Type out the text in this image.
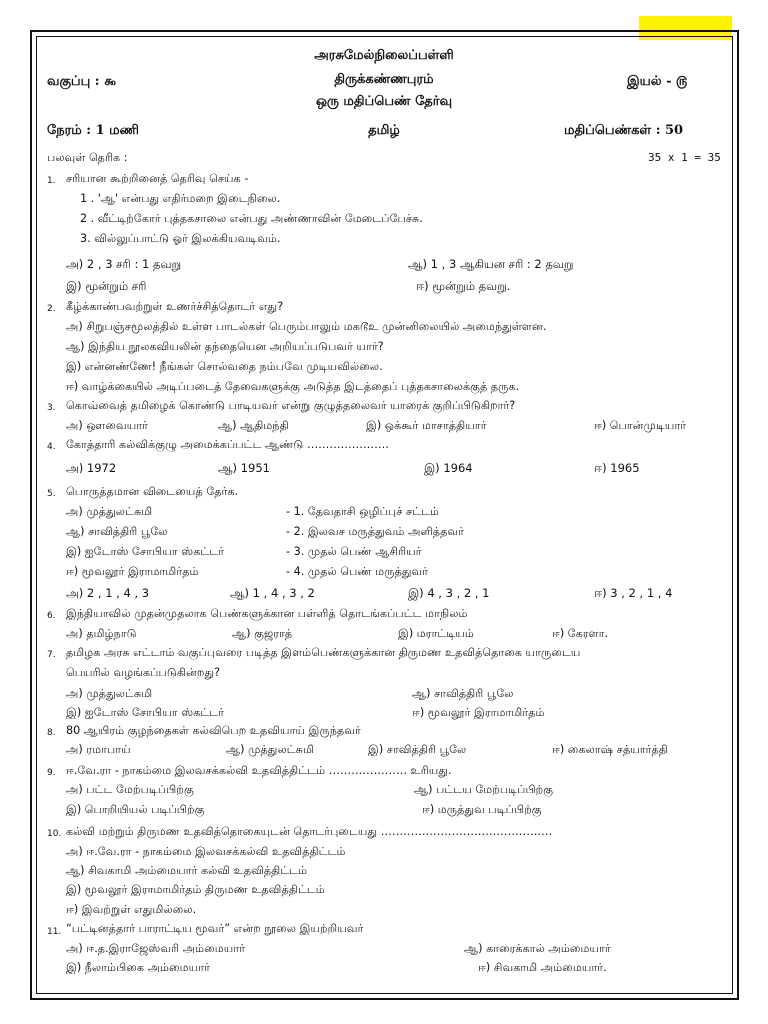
அரசுமேல்நிலைப்பள்ளி
வகுப்பு : ௯	திருக்கண்ணபுரம்	இயல் - ௫
ஒரு மதிப்பெண் தேர்வு
நேரம் : 1 மணி	தமிழ்	மதிப்பெண்கள் : 50
பலவுள் தெரிக :	35 x 1 = 35
1. சரியான கூற்றினைத் தெரிவு செய்க -
1 . 'ஆ' என்பது எதிர்மறை இடைநிலை.
2 . வீட்டிற்கோர் புத்தகசாலை என்பது அண்ணாவின் மேடைப்பேச்சு.
3. வில்லுப்பாட்டு ஓர் இலக்கியவடிவம்.
அ) 2 , 3 சரி : 1 தவறு	ஆ) 1 , 3 ஆகியன சரி : 2 தவறு
இ) மூன்றும் சரி	ஈ) மூன்றும் தவறு.
2. கீழ்க்காண்பவற்றுள் உணர்ச்சித்தொடர் எது?
அ) சிறுபஞ்சமூலத்தில் உள்ள பாடல்கள் பெரும்பாலும் மகடூஉ முன்னிலையில் அமைந்துள்ளன.
ஆ) இந்திய நூலகவியலின் தந்தையென அறியப்படுபவர் யார்?
இ) என்னண்ணே! நீங்கள் சொல்வதை நம்பவே முடியவில்லை.
ஈ) வாழ்க்கையில் அடிப்படைத் தேவைகளுக்கு அடுத்த இடத்தைப் புத்தகசாலைக்குத் தருக.
3. கொவ்வைத் தமிழைக் கொண்டு பாடியவர் என்று குழுத்தலைவர் யாரைக் குறிப்பிடுகிறார்?
அ) ஔவையார்	ஆ) ஆதிமந்தி	இ) ஒக்கூர் மாசாத்தியார்	ஈ) பொன்முடியார்
4. கோத்தாரி கல்விக்குழு அமைக்கப்பட்ட ஆண்டு ………………….
அ) 1972	ஆ) 1951	இ) 1964	ஈ) 1965
5. பொருத்தமான விடையைத் தேர்க.
அ) முத்துலட்சுமி	- 1. தேவதாசி ஒழிப்புச் சட்டம்
ஆ) சாவித்திரி பூலே	- 2. இலவச மருத்துவம் அளித்தவர்
இ) ஐடோஸ் சோபியா ஸ்கட்டர்	- 3. முதல் பெண் ஆசிரியர்
ஈ) மூவலூர் இராமாமிர்தம்	- 4. முதல் பெண் மருத்துவர்
அ) 2 , 1 , 4 , 3	ஆ) 1 , 4 , 3 , 2	இ) 4 , 3 , 2 , 1	ஈ) 3 , 2 , 1 , 4
6. இந்தியாவில் முதன்முதலாக பெண்களுக்கான பள்ளித் தொடங்கப்பட்ட மாநிலம்
அ) தமிழ்நாடு	ஆ) குஜராத்	இ) மராட்டியம்	ஈ) கேரளா.
7. தமிழக அரசு எட்டாம் வகுப்புவரை படித்த இளம்பெண்களுக்கான திருமண உதவித்தொகை யாருடைய
பெயரில் வழங்கப்படுகின்றது?
அ) முத்துலட்சுமி	ஆ) சாவித்திரி பூலே
இ) ஐடோஸ் சோபியா ஸ்கட்டர்	ஈ) மூவலூர் இராமாமிர்தம்
8. 80 ஆயிரம் குழந்தைகள் கல்விபெற உதவியாய் இருந்தவர்
அ) ரமாபாய்	ஆ) முத்துலட்சுமி	இ) சாவித்திரி பூலே	ஈ) கைலாஷ் சத்யார்த்தி
9. ஈ.வே.ரா - நாகம்மை இலவசக்கல்வி உதவித்திட்டம் ………………… உரியது.
அ) பட்ட மேற்படிப்பிற்கு	ஆ) பட்டய மேற்படிப்பிற்கு
இ) பொறியியல் படிப்பிற்கு	ஈ) மருத்துவ படிப்பிற்கு
10. கல்வி மற்றும் திருமண உதவித்தொகையுடன் தொடர்புடையது ……………………………………….
அ) ஈ.வே.ரா - நாகம்மை இலவசக்கல்வி உதவித்திட்டம்
ஆ) சிவகாமி அம்மையார் கல்வி உதவித்திட்டம்
இ) மூவலூர் இராமாமிர்தம் திருமண உதவித்திட்டம்
ஈ) இவற்றுள் எதுமில்லை.
11. “பட்டினத்தார் பாராட்டிய மூவர்” என்ற நூலை இயற்றியவர்
அ) ஈ.த.இராஜேஸ்வரி அம்மையார்	ஆ) காரைக்கால் அம்மையார்
இ) நீலாம்பிகை அம்மையார்	ஈ) சிவகாமி அம்மையார்.
